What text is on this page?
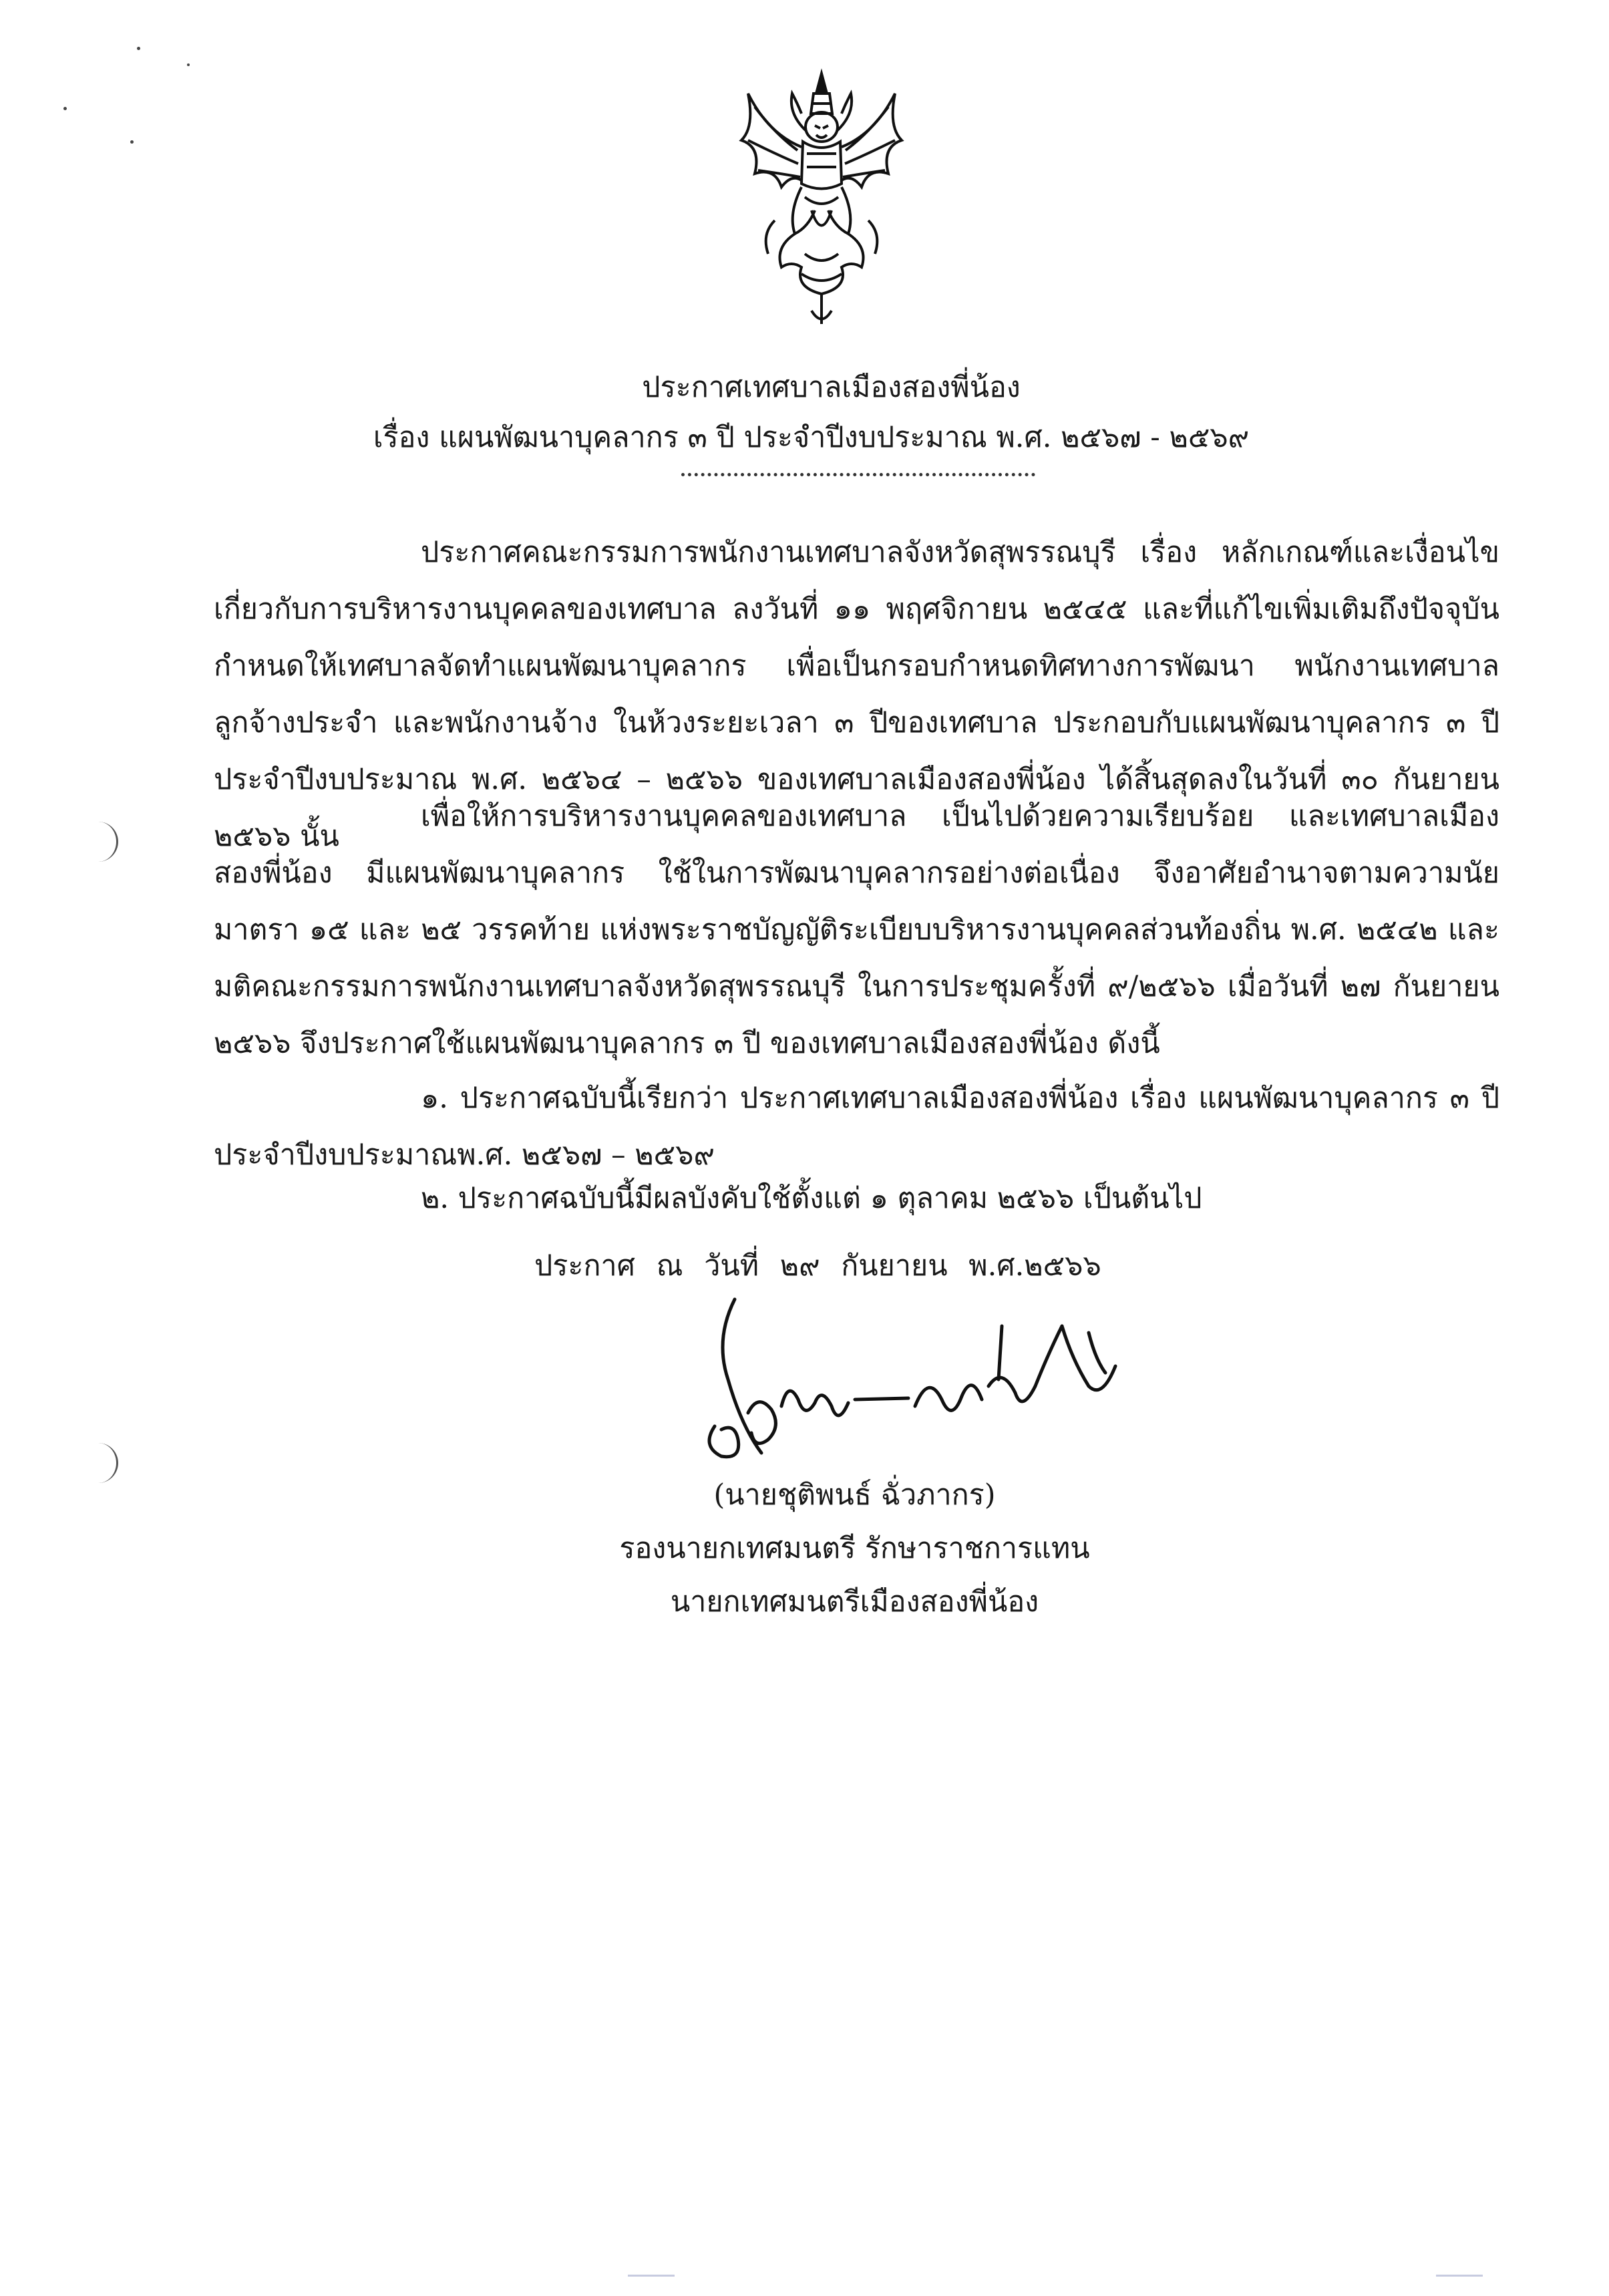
ประกาศเทศบาลเมืองสองพี่น้อง
เรื่อง แผนพัฒนาบุคลากร ๓ ปี ประจำปีงบประมาณ พ.ศ. ๒๕๖๗ - ๒๕๖๙
ประกาศคณะกรรมการพนักงานเทศบาลจังหวัดสุพรรณบุรี เรื่อง หลักเกณฑ์และเงื่อนไขเกี่ยวกับการบริหารงานบุคคลของเทศบาล ลงวันที่ ๑๑ พฤศจิกายน ๒๕๔๕ และที่แก้ไขเพิ่มเติมถึงปัจจุบัน กำหนดให้เทศบาลจัดทำแผนพัฒนาบุคลากร เพื่อเป็นกรอบกำหนดทิศทางการพัฒนา พนักงานเทศบาล ลูกจ้างประจำ และพนักงานจ้าง ในห้วงระยะเวลา ๓ ปีของเทศบาล ประกอบกับแผนพัฒนาบุคลากร ๓ ปี ประจำปีงบประมาณ พ.ศ. ๒๕๖๔ – ๒๕๖๖ ของเทศบาลเมืองสองพี่น้อง ได้สิ้นสุดลงในวันที่ ๓๐ กันยายน ๒๕๖๖ นั้น
เพื่อให้การบริหารงานบุคคลของเทศบาล เป็นไปด้วยความเรียบร้อย และเทศบาลเมืองสองพี่น้อง มีแผนพัฒนาบุคลากร ใช้ในการพัฒนาบุคลากรอย่างต่อเนื่อง จึงอาศัยอำนาจตามความนัยมาตรา ๑๕ และ ๒๕ วรรคท้าย แห่งพระราชบัญญัติระเบียบบริหารงานบุคคลส่วนท้องถิ่น พ.ศ. ๒๕๔๒ และมติคณะกรรมการพนักงานเทศบาลจังหวัดสุพรรณบุรี ในการประชุมครั้งที่ ๙/๒๕๖๖ เมื่อวันที่ ๒๗ กันยายน ๒๕๖๖ จึงประกาศใช้แผนพัฒนาบุคลากร ๓ ปี ของเทศบาลเมืองสองพี่น้อง ดังนี้
๑. ประกาศฉบับนี้เรียกว่า ประกาศเทศบาลเมืองสองพี่น้อง เรื่อง แผนพัฒนาบุคลากร ๓ ปี ประจำปีงบประมาณพ.ศ. ๒๕๖๗ – ๒๕๖๙
๒. ประกาศฉบับนี้มีผลบังคับใช้ตั้งแต่ ๑ ตุลาคม ๒๕๖๖ เป็นต้นไป
ประกาศ ณ วันที่ ๒๙ กันยายน พ.ศ.๒๕๖๖
(นายชุติพนธ์ ฉั่วภากร)
รองนายกเทศมนตรี รักษาราชการแทน
นายกเทศมนตรีเมืองสองพี่น้อง
